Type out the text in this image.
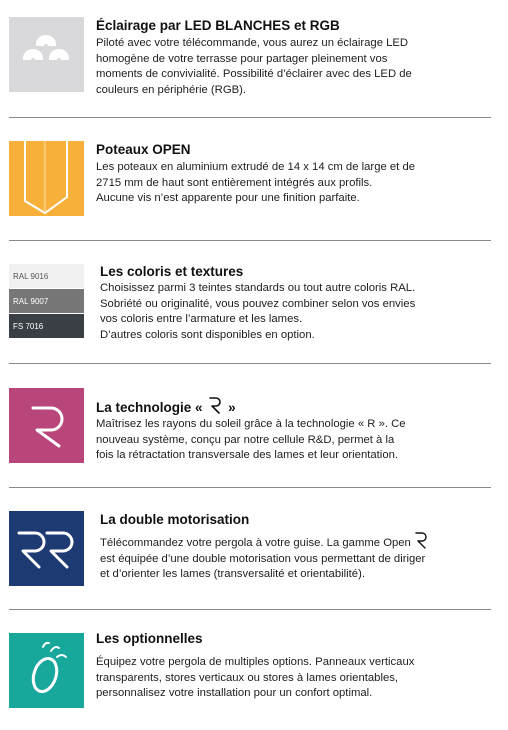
Éclairage par LED BLANCHES et RGB
Piloté avec votre télécommande, vous aurez un éclairage LED
homogène de votre terrasse pour partager pleinement vos
moments de convivialité. Possibilité d’éclairer avec des LED de
couleurs en périphérie (RGB).
Poteaux OPEN
Les poteaux en aluminium extrudé de 14 x 14 cm de large et de
2715 mm de haut sont entièrement intégrés aux profils.
Aucune vis n’est apparente pour une finition parfaite.
RAL 9016
RAL 9007
FS 7016
Les coloris et textures
Choisissez parmi 3 teintes standards ou tout autre coloris RAL.
Sobriété ou originalité, vous pouvez combiner selon vos envies
vos coloris entre l’armature et les lames.
D’autres coloris sont disponibles en option.
La technologie « »
Maîtrisez les rayons du soleil grâce à la technologie « R ». Ce
nouveau système, conçu par notre cellule R&D, permet à la
fois la rétractation transversale des lames et leur orientation.
La double motorisation
Télécommandez votre pergola à votre guise. La gamme Open
est équipée d’une double motorisation vous permettant de diriger
et d’orienter les lames (transversalité et orientabilité).
Les optionnelles
Équipez votre pergola de multiples options. Panneaux verticaux
transparents, stores verticaux ou stores à lames orientables,
personnalisez votre installation pour un confort optimal.
